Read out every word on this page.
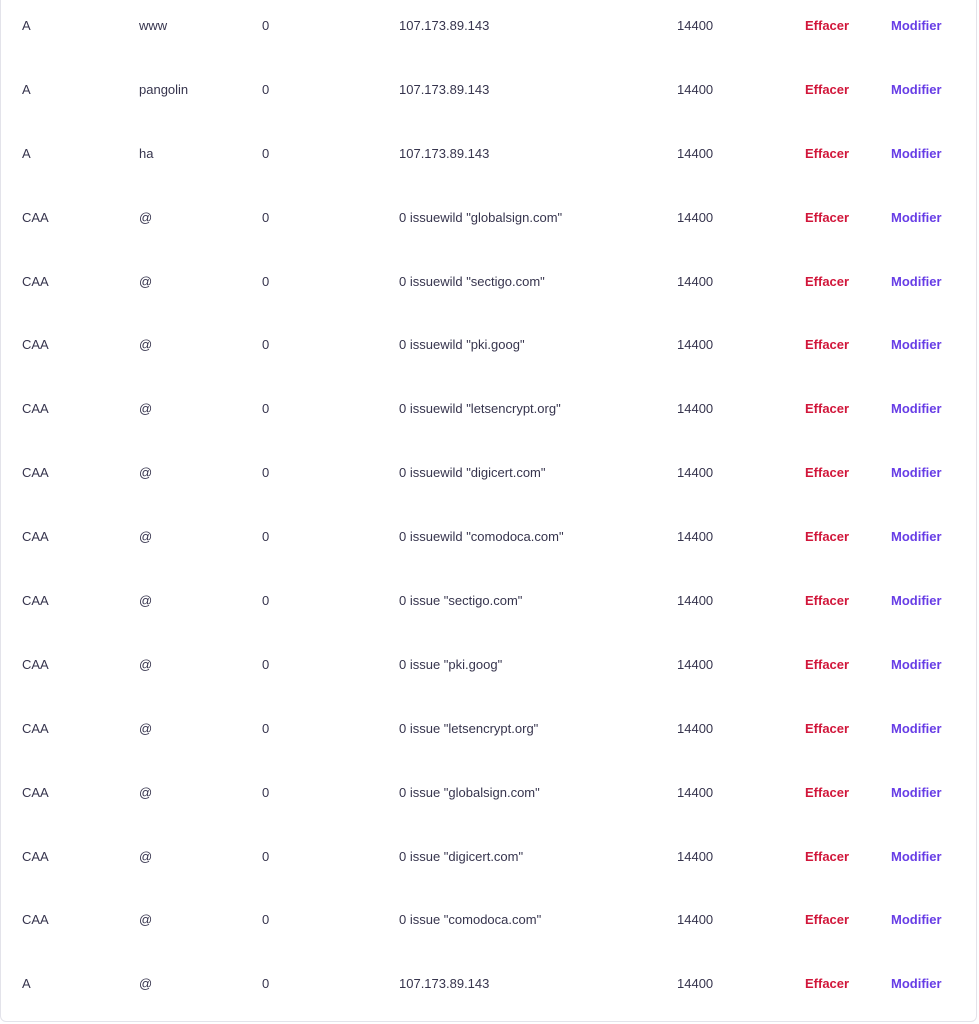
A	www	0	107.173.89.143	14400	Effacer	Modifier
A	pangolin	0	107.173.89.143	14400	Effacer	Modifier
A	ha	0	107.173.89.143	14400	Effacer	Modifier
CAA	@	0	0 issuewild "globalsign.com"	14400	Effacer	Modifier
CAA	@	0	0 issuewild "sectigo.com"	14400	Effacer	Modifier
CAA	@	0	0 issuewild "pki.goog"	14400	Effacer	Modifier
CAA	@	0	0 issuewild "letsencrypt.org"	14400	Effacer	Modifier
CAA	@	0	0 issuewild "digicert.com"	14400	Effacer	Modifier
CAA	@	0	0 issuewild "comodoca.com"	14400	Effacer	Modifier
CAA	@	0	0 issue "sectigo.com"	14400	Effacer	Modifier
CAA	@	0	0 issue "pki.goog"	14400	Effacer	Modifier
CAA	@	0	0 issue "letsencrypt.org"	14400	Effacer	Modifier
CAA	@	0	0 issue "globalsign.com"	14400	Effacer	Modifier
CAA	@	0	0 issue "digicert.com"	14400	Effacer	Modifier
CAA	@	0	0 issue "comodoca.com"	14400	Effacer	Modifier
A	@	0	107.173.89.143	14400	Effacer	Modifier
